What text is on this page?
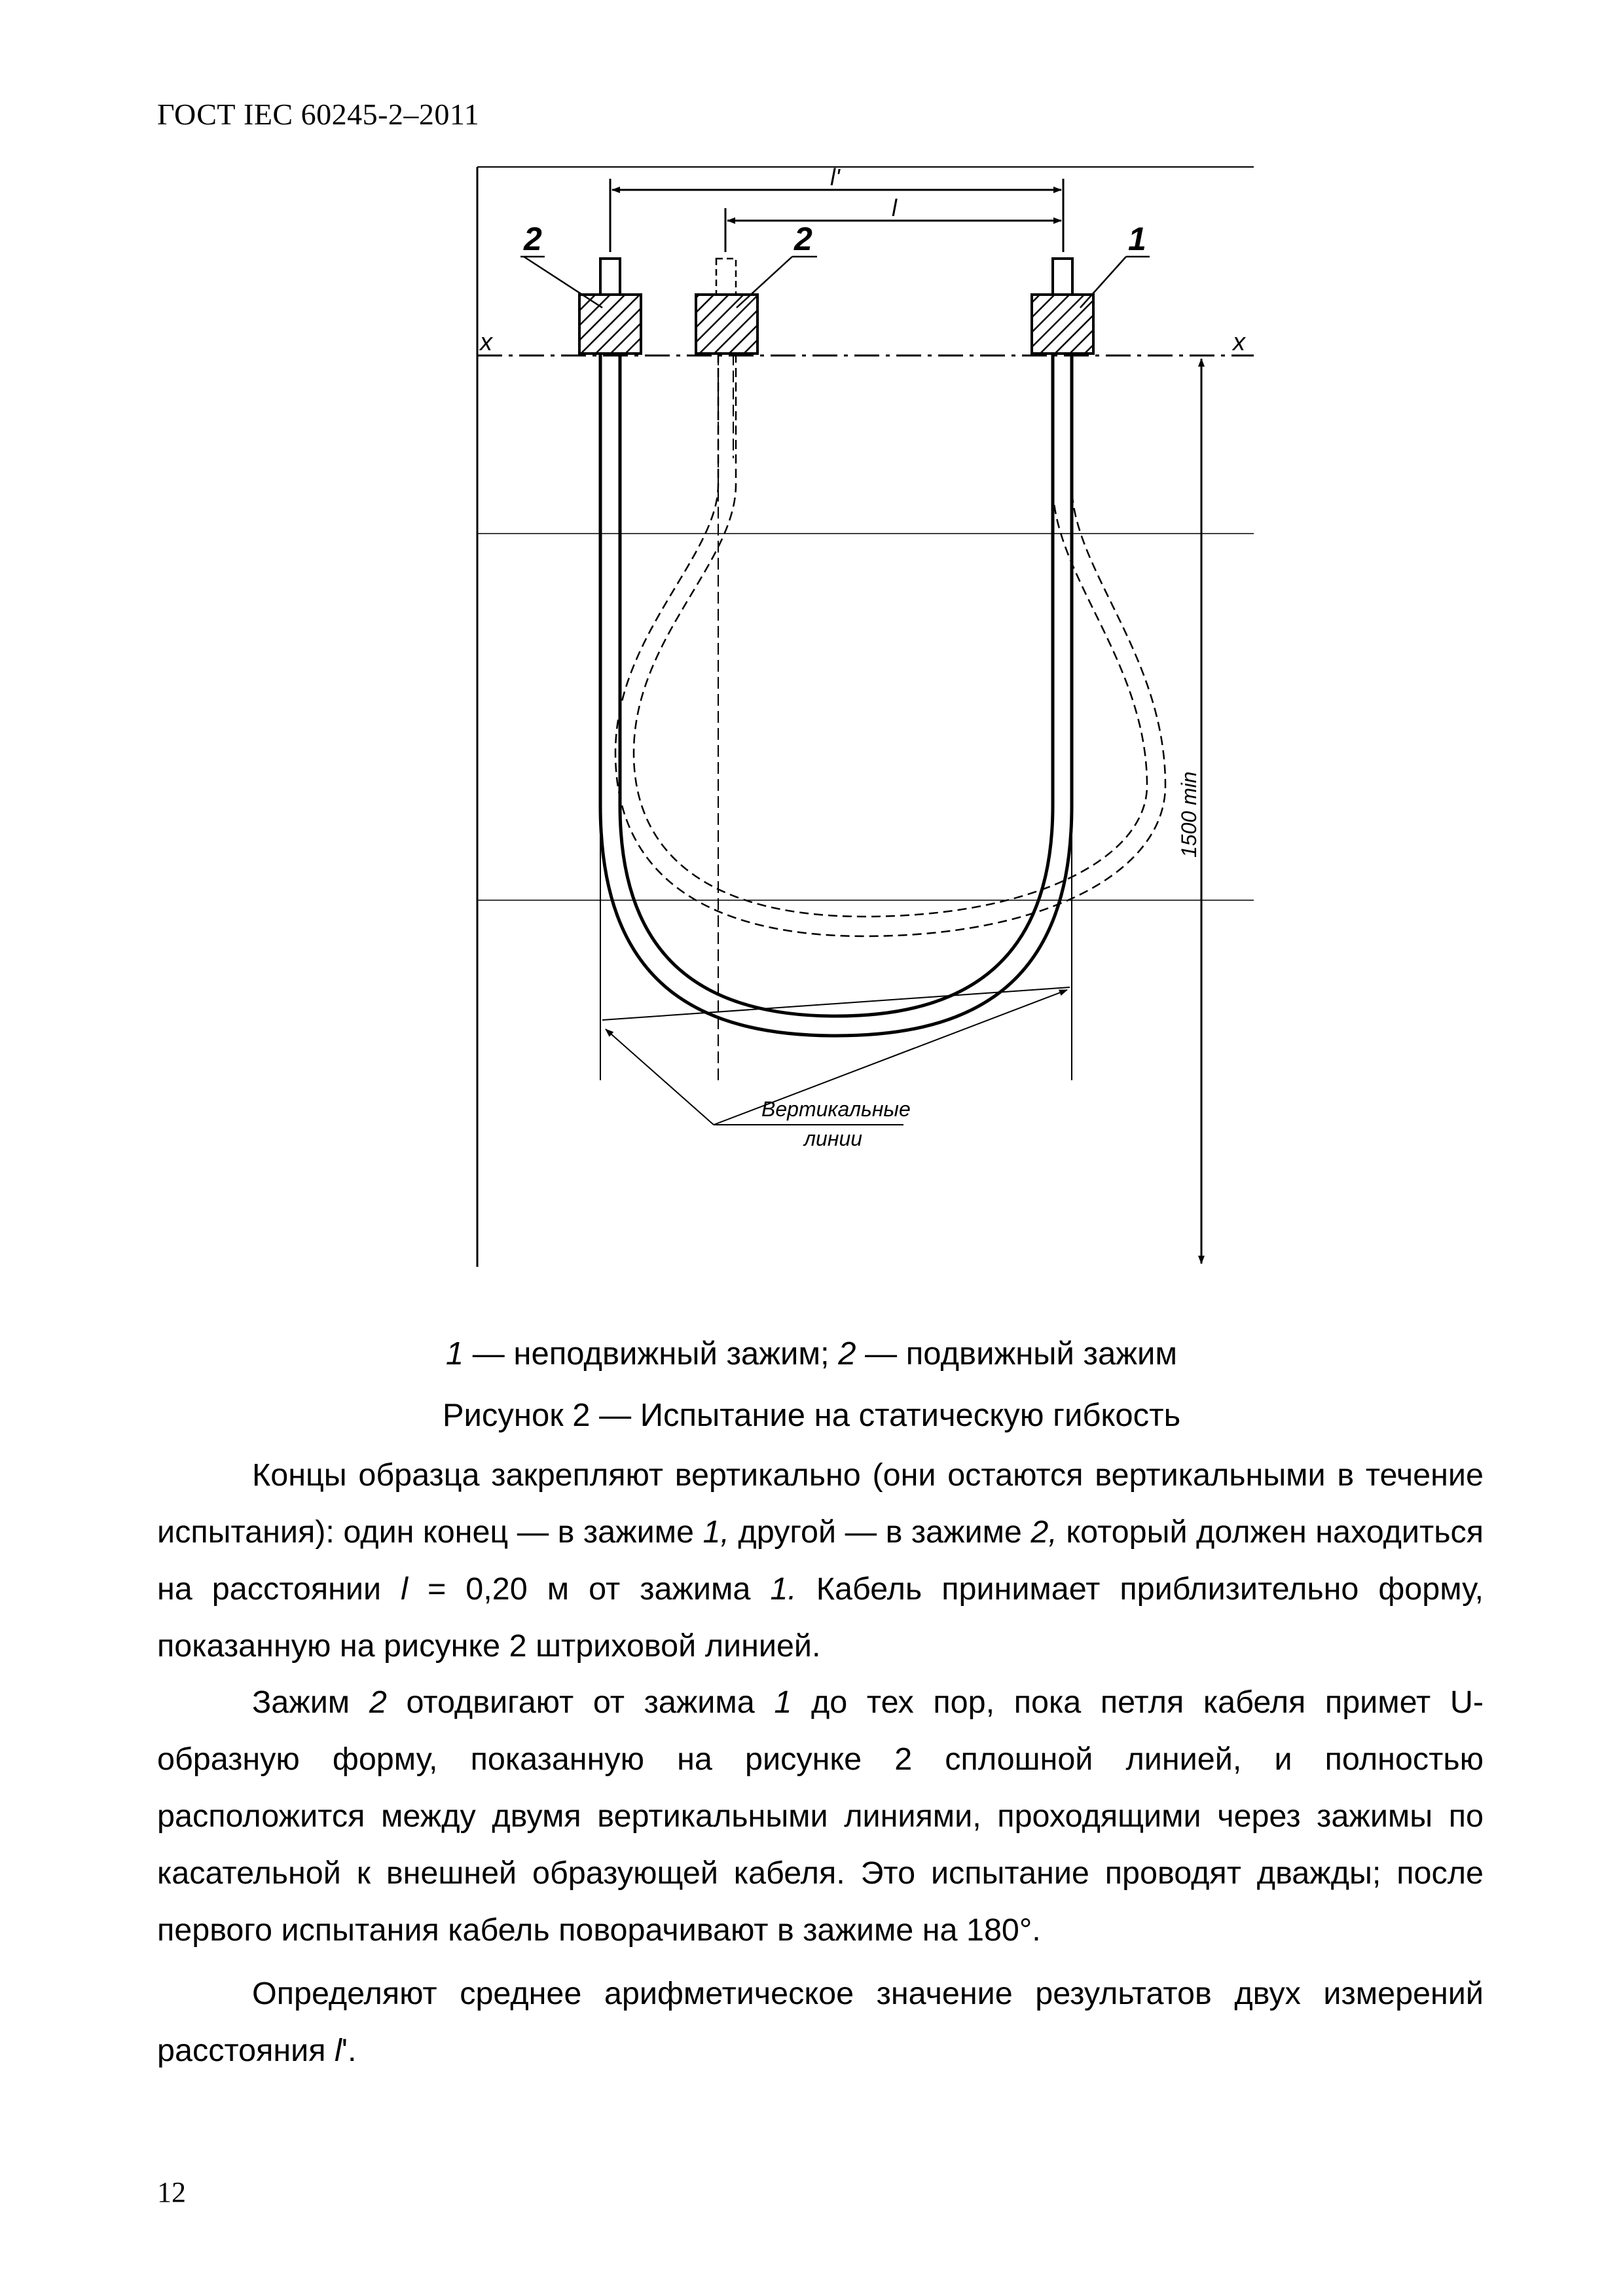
ГОСТ IEC 60245-2–2011
l'
l
2	2	1
x	x
1500 min
Вертикальные
линии
1 — неподвижный зажим; 2 — подвижный зажим
Рисунок 2 — Испытание на статическую гибкость
Концы образца закрепляют вертикально (они остаются вертикальными в течение испытания): один конец — в зажиме 1, другой — в зажиме 2, который должен находиться на расстоянии l = 0,20 м от зажима 1. Кабель принимает приблизительно форму, показанную на рисунке 2 штриховой линией.
Зажим 2 отодвигают от зажима 1 до тех пор, пока петля кабеля примет U-образную форму, показанную на рисунке 2 сплошной линией, и полностью расположится между двумя вертикальными линиями, проходящими через зажимы по касательной к внешней образующей кабеля. Это испытание проводят дважды; после первого испытания кабель поворачивают в зажиме на 180°.
Определяют среднее арифметическое значение результатов двух измерений расстояния l'.
12
